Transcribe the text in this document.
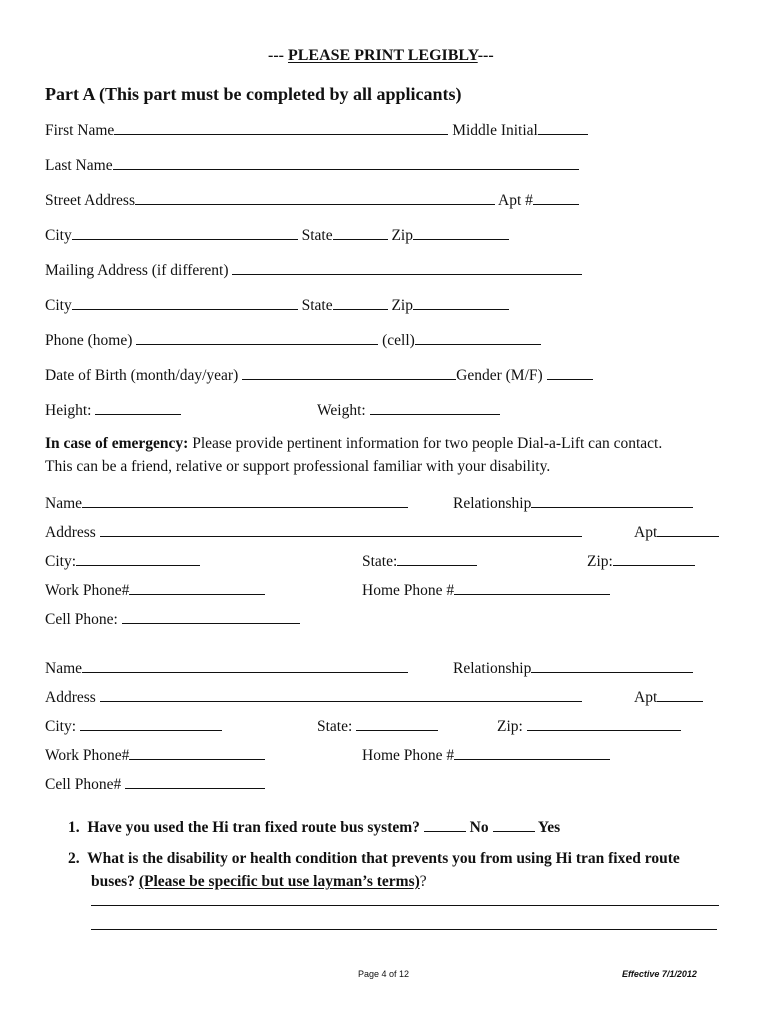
--- PLEASE PRINT LEGIBLY---
Part A (This part must be completed by all applicants)
First Name	Middle Initial
Last Name
Street Address	Apt #
City	State	Zip
Mailing Address (if different)
City	State	Zip
Phone (home)	(cell)
Date of Birth (month/day/year)	Gender (M/F)
Height:	Weight:
In case of emergency: Please provide pertinent information for two people Dial-a-Lift can contact.
This can be a friend, relative or support professional familiar with your disability.
Name	Relationship
Address	Apt
City:	State:	Zip:
Work Phone#	Home Phone #
Cell Phone:
Name	Relationship
Address	Apt
City:	State:	Zip:
Work Phone#	Home Phone #
Cell Phone#
1. Have you used the Hi tran fixed route bus system?	No	Yes
2. What is the disability or health condition that prevents you from using Hi tran fixed route
buses? (Please be specific but use layman’s terms)?
Page 4 of 12	Effective 7/1/2012
